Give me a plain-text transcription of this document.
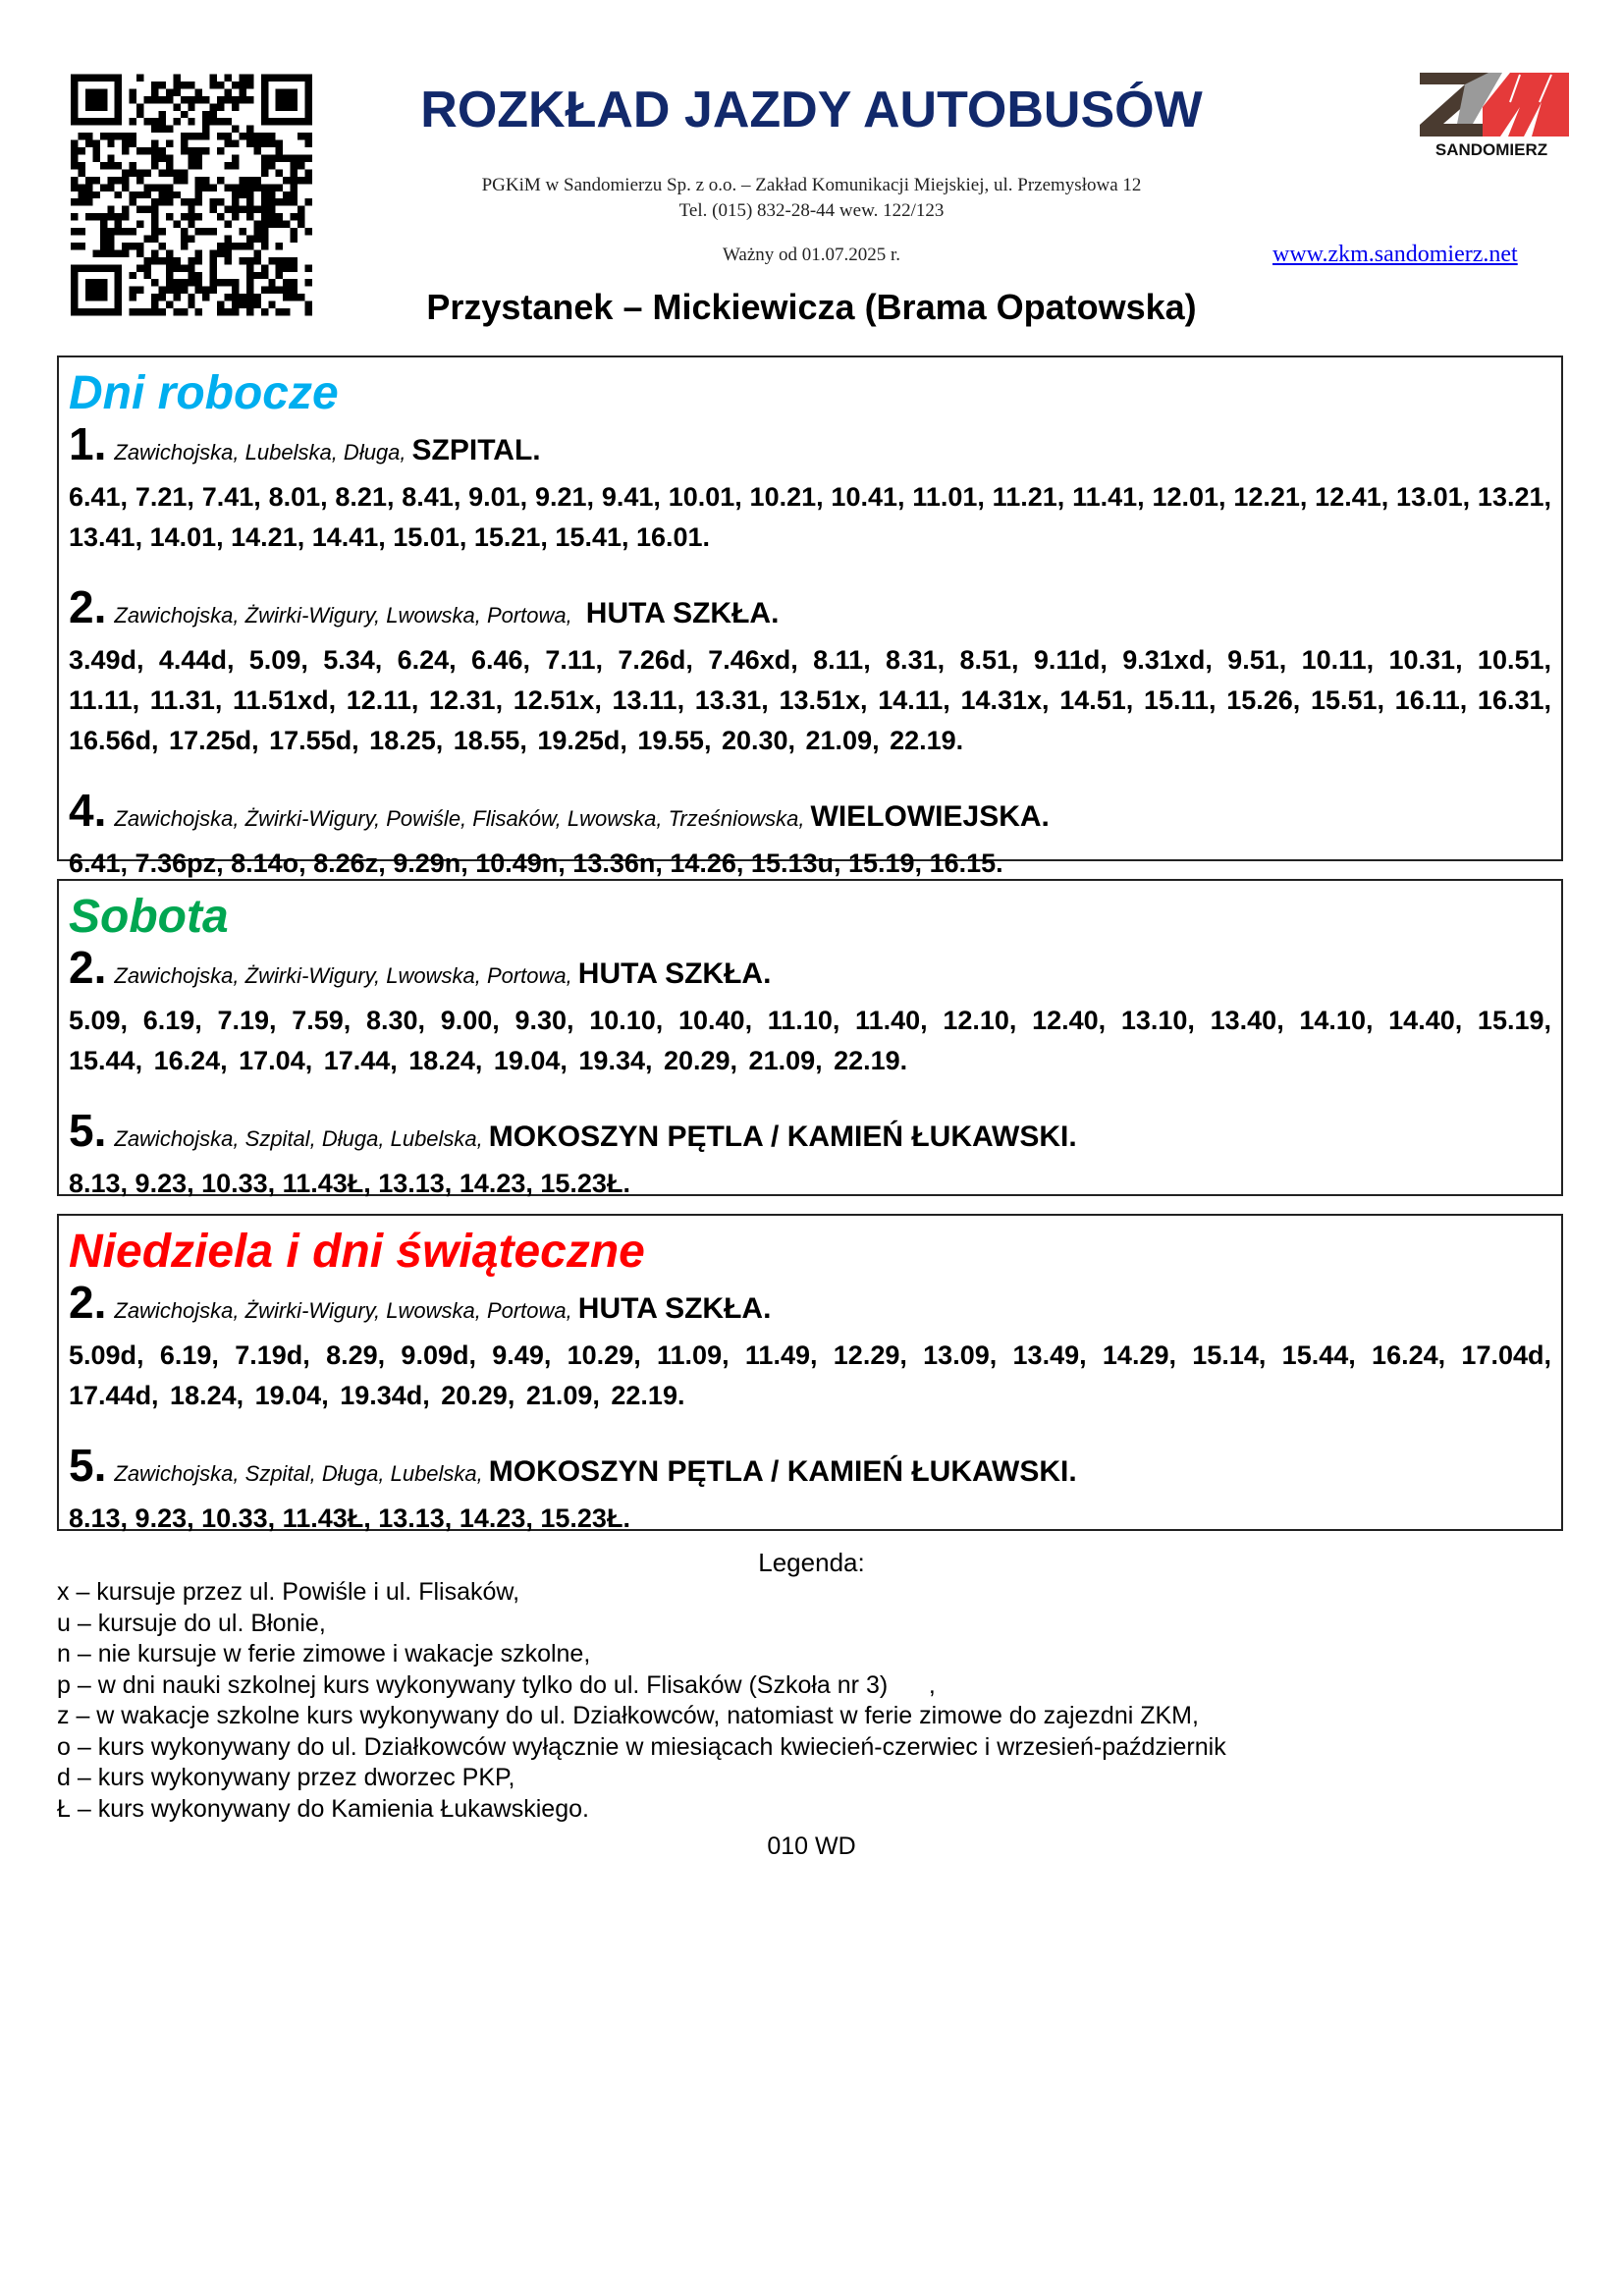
ROZKŁAD JAZDY AUTOBUSÓW
PGKiM w Sandomierzu Sp. z o.o. – Zakład Komunikacji Miejskiej, ul. Przemysłowa 12
Tel. (015) 832-28-44 wew. 122/123
Ważny od 01.07.2025 r.	www.zkm.sandomierz.net
Przystanek – Mickiewicza (Brama Opatowska)
SANDOMIERZ
Dni robocze
1. Zawichojska, Lubelska, Długa, SZPITAL.
6.41, 7.21, 7.41, 8.01, 8.21, 8.41, 9.01, 9.21, 9.41, 10.01, 10.21, 10.41, 11.01, 11.21, 11.41, 12.01, 12.21, 12.41, 13.01, 13.21, 13.41, 14.01, 14.21, 14.41, 15.01, 15.21, 15.41, 16.01.
2. Zawichojska, Żwirki-Wigury, Lwowska, Portowa, HUTA SZKŁA.
3.49d, 4.44d, 5.09, 5.34, 6.24, 6.46, 7.11, 7.26d, 7.46xd, 8.11, 8.31, 8.51, 9.11d, 9.31xd, 9.51, 10.11, 10.31, 10.51, 11.11, 11.31, 11.51xd, 12.11, 12.31, 12.51x, 13.11, 13.31, 13.51x, 14.11, 14.31x, 14.51, 15.11, 15.26, 15.51, 16.11, 16.31, 16.56d, 17.25d, 17.55d, 18.25, 18.55, 19.25d, 19.55, 20.30, 21.09, 22.19.
4. Zawichojska, Żwirki-Wigury, Powiśle, Flisaków, Lwowska, Trześniowska, WIELOWIEJSKA.
6.41, 7.36pz, 8.14o, 8.26z, 9.29n, 10.49n, 13.36n, 14.26, 15.13u, 15.19, 16.15.
Sobota
2. Zawichojska, Żwirki-Wigury, Lwowska, Portowa, HUTA SZKŁA.
5.09, 6.19, 7.19, 7.59, 8.30, 9.00, 9.30, 10.10, 10.40, 11.10, 11.40, 12.10, 12.40, 13.10, 13.40, 14.10, 14.40, 15.19, 15.44, 16.24, 17.04, 17.44, 18.24, 19.04, 19.34, 20.29, 21.09, 22.19.
5. Zawichojska, Szpital, Długa, Lubelska, MOKOSZYN PĘTLA / KAMIEŃ ŁUKAWSKI.
8.13, 9.23, 10.33, 11.43Ł, 13.13, 14.23, 15.23Ł.
Niedziela i dni świąteczne
2. Zawichojska, Żwirki-Wigury, Lwowska, Portowa, HUTA SZKŁA.
5.09d, 6.19, 7.19d, 8.29, 9.09d, 9.49, 10.29, 11.09, 11.49, 12.29, 13.09, 13.49, 14.29, 15.14, 15.44, 16.24, 17.04d, 17.44d, 18.24, 19.04, 19.34d, 20.29, 21.09, 22.19.
5. Zawichojska, Szpital, Długa, Lubelska, MOKOSZYN PĘTLA / KAMIEŃ ŁUKAWSKI.
8.13, 9.23, 10.33, 11.43Ł, 13.13, 14.23, 15.23Ł.
Legenda:
x – kursuje przez ul. Powiśle i ul. Flisaków,
u – kursuje do ul. Błonie,
n – nie kursuje w ferie zimowe i wakacje szkolne,
p – w dni nauki szkolnej kurs wykonywany tylko do ul. Flisaków (Szkoła nr 3)      ,
z – w wakacje szkolne kurs wykonywany do ul. Działkowców, natomiast w ferie zimowe do zajezdni ZKM,
o – kurs wykonywany do ul. Działkowców wyłącznie w miesiącach kwiecień-czerwiec i wrzesień-październik
d – kurs wykonywany przez dworzec PKP,
Ł – kurs wykonywany do Kamienia Łukawskiego.
010 WD
